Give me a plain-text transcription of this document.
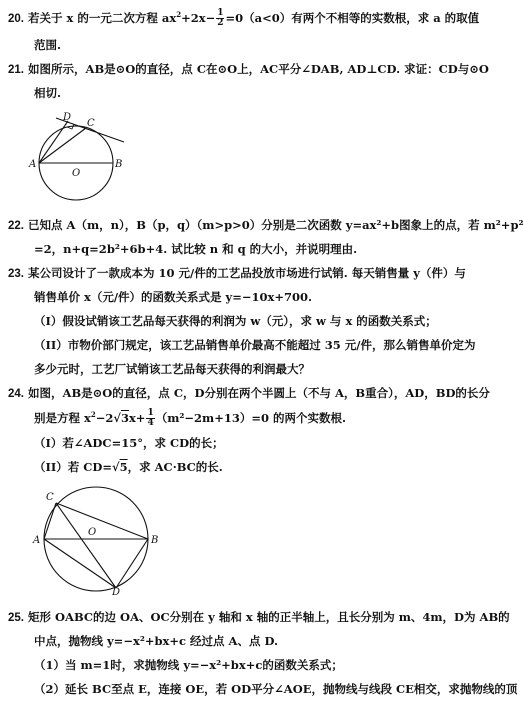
20. 若关于 x 的一元二次方程 $ax^2+2x- \frac{1}{2} =0(a<0)$有两个不相等的实数根，求 a 的取值
范围.
21. 如图所示，AB是⊙O的直径，点 C在⊙O上，AC平分∠DAB, AD⊥CD. 求证：CD与⊙O
相切.
D
C
A
O
B
22. 已知点 A（m，n），B（p，q）（m>p>0）分别是二次函数 y=ax²+b图象上的点，若 m²+p²
=2，n+q=2b²+6b+4. 试比较 n 和 q 的大小，并说明理由.
23. 某公司设计了一款成本为 10 元/件的工艺品投放市场进行试销. 每天销售量 y（件）与
销售单价 x（元/件）的函数关系式是 y=−10x+700.
（I）假设试销该工艺品每天获得的利润为 w（元），求 w 与 x 的函数关系式；
（II）市物价部门规定，该工艺品销售单价最高不能超过 35 元/件，那么销售单价定为
多少元时，工艺厂试销该工艺品每天获得的利润最大？
24. 如图，AB是⊙O的直径，点 C，D分别在两个半圆上（不与 A，B重合），AD，BD的长分
别是方程 $x^2-2√3x+ \frac{1}{4} (m^2-2m+13)=0$ 的两个实数根.
（I）若∠ADC=15°，求 CD的长；
（II）若 CD=√5，求 AC·BC的长.
C
O
A	B
D
25. 矩形 OABC的边 OA、OC分别在 y 轴和 x 轴的正半轴上，且长分别为 m、4m，D为 AB的
中点，抛物线 y=−x²+bx+c 经过点 A、点 D.
（1）当 m=1时，求抛物线 y=−x²+bx+c的函数关系式；
（2）延长 BC至点 E，连接 OE，若 OD平分∠AOE，抛物线与线段 CE相交，求抛物线的顶
